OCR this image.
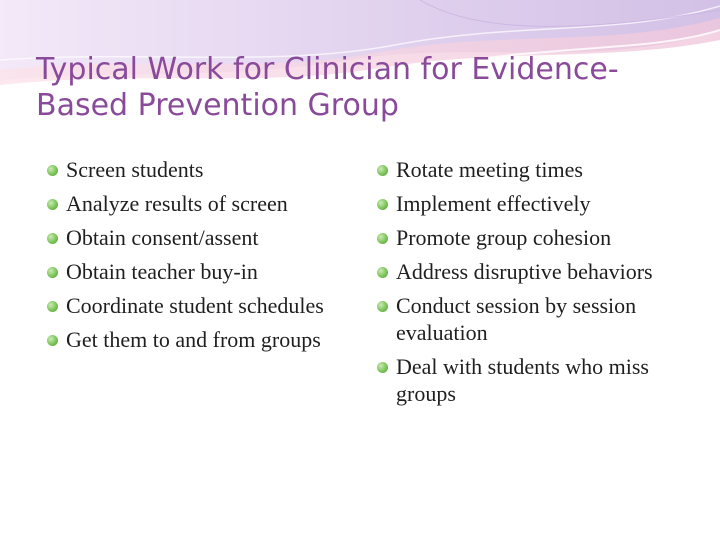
Typical Work for Clinician for Evidence-Based Prevention Group
Screen students
Analyze results of screen
Obtain consent/assent
Obtain teacher buy-in
Coordinate student schedules
Get them to and from groups
Rotate meeting times
Implement effectively
Promote group cohesion
Address disruptive behaviors
Conduct session by session evaluation
Deal with students who miss groups
